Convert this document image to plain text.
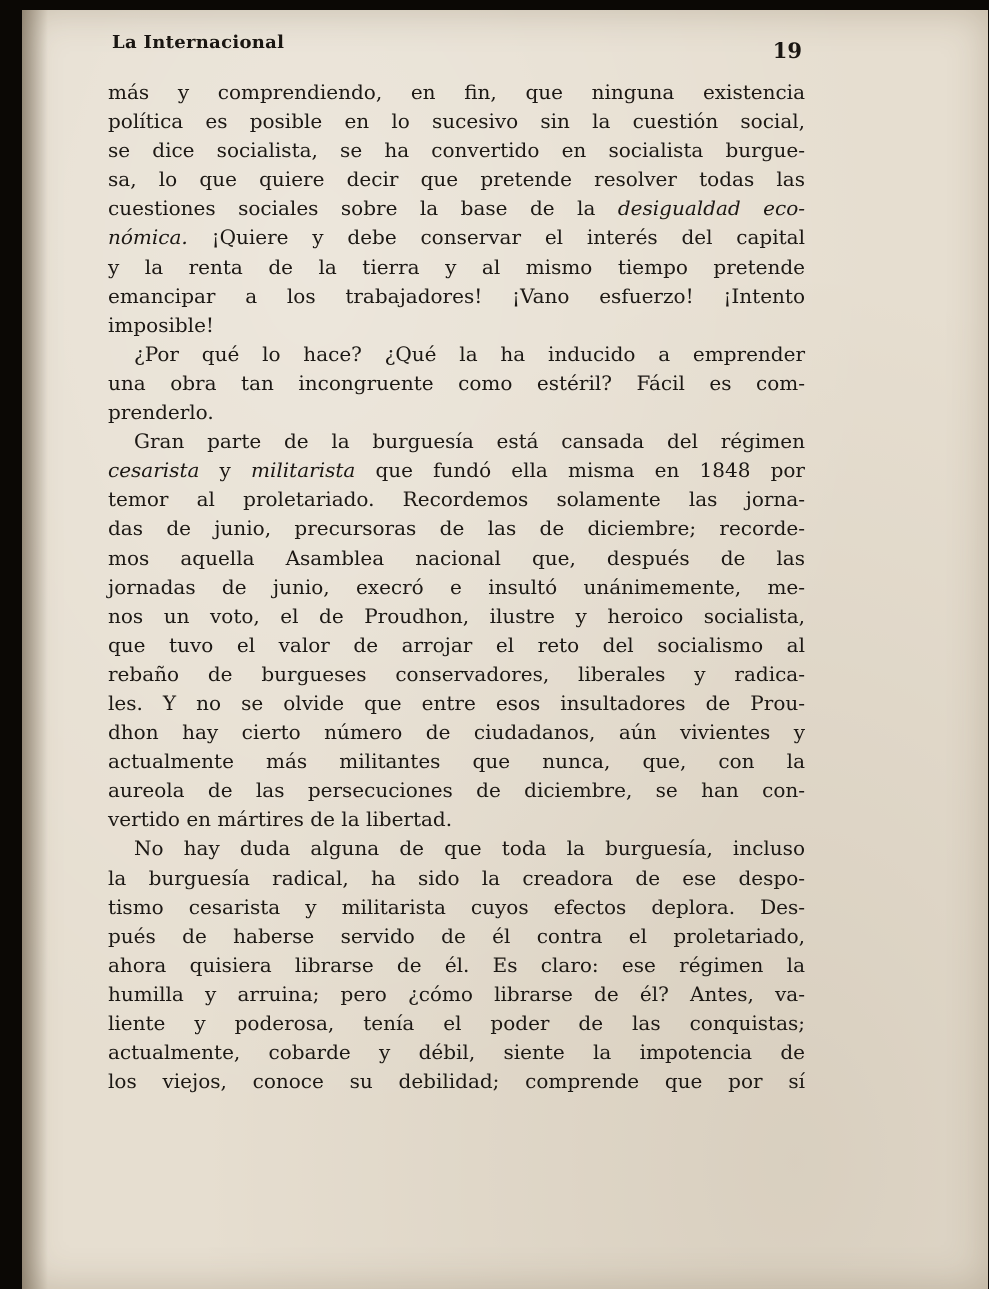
La Internacional	19
más y comprendiendo, en fin, que ninguna existencia
política es posible en lo sucesivo sin la cuestión social,
se dice socialista, se ha convertido en socialista burgue-
sa, lo que quiere decir que pretende resolver todas las
cuestiones sociales sobre la base de la desigualdad eco-
nómica. ¡Quiere y debe conservar el interés del capital
y la renta de la tierra y al mismo tiempo pretende
emancipar a los trabajadores! ¡Vano esfuerzo! ¡Intento
imposible!
¿Por qué lo hace? ¿Qué la ha inducido a emprender
una obra tan incongruente como estéril? Fácil es com-
prenderlo.
Gran parte de la burguesía está cansada del régimen
cesarista y militarista que fundó ella misma en 1848 por
temor al proletariado. Recordemos solamente las jorna-
das de junio, precursoras de las de diciembre; recorde-
mos aquella Asamblea nacional que, después de las
jornadas de junio, execró e insultó unánimemente, me-
nos un voto, el de Proudhon, ilustre y heroico socialista,
que tuvo el valor de arrojar el reto del socialismo al
rebaño de burgueses conservadores, liberales y radica-
les. Y no se olvide que entre esos insultadores de Prou-
dhon hay cierto número de ciudadanos, aún vivientes y
actualmente más militantes que nunca, que, con la
aureola de las persecuciones de diciembre, se han con-
vertido en mártires de la libertad.
No hay duda alguna de que toda la burguesía, incluso
la burguesía radical, ha sido la creadora de ese despo-
tismo cesarista y militarista cuyos efectos deplora. Des-
pués de haberse servido de él contra el proletariado,
ahora quisiera librarse de él. Es claro: ese régimen la
humilla y arruina; pero ¿cómo librarse de él? Antes, va-
liente y poderosa, tenía el poder de las conquistas;
actualmente, cobarde y débil, siente la impotencia de
los viejos, conoce su debilidad; comprende que por sí
